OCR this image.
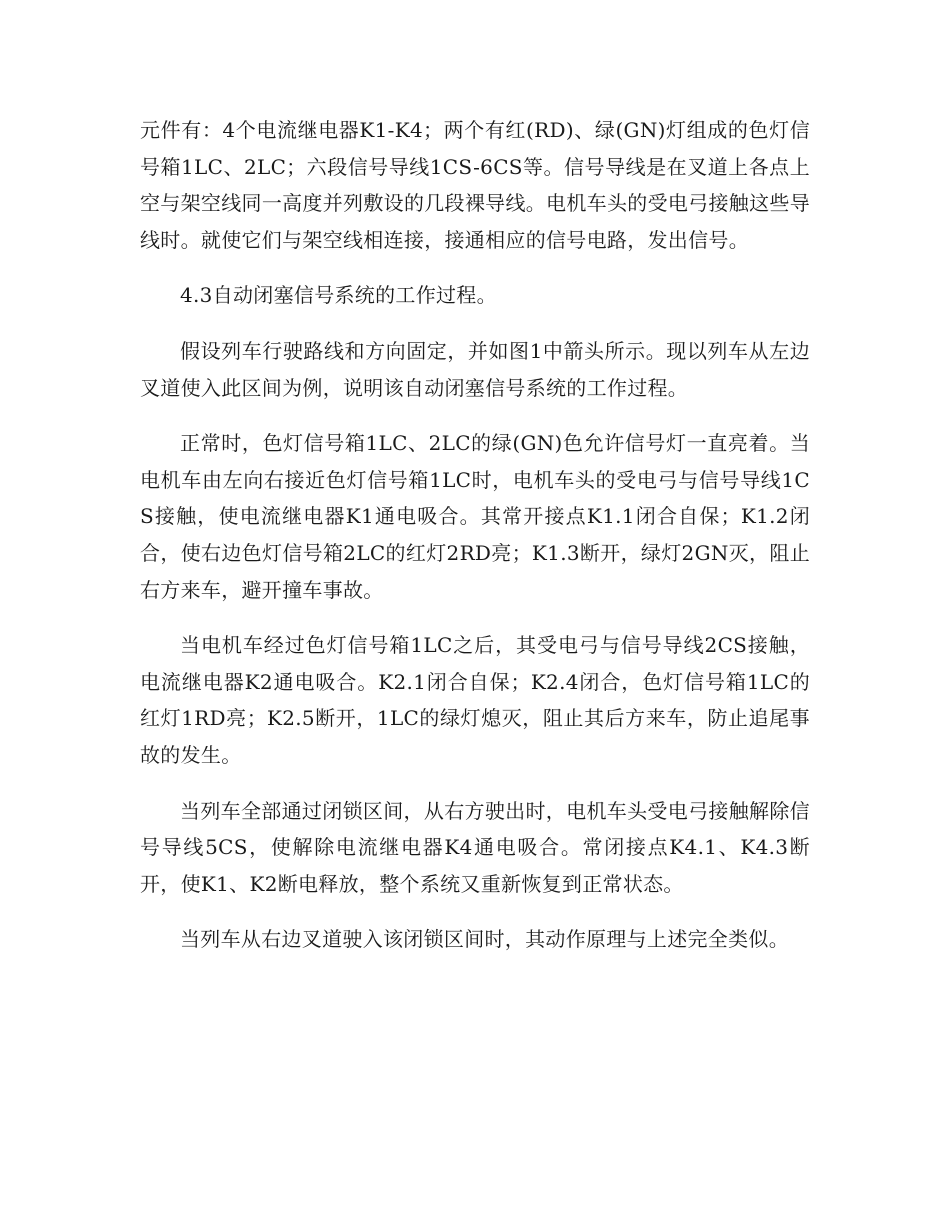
元件有：4个电流继电器K1-K4；两个有红(RD)、绿(GN)灯组成的色灯信号箱1LC、2LC；六段信号导线1CS-6CS等。信号导线是在叉道上各点上空与架空线同一高度并列敷设的几段裸导线。电机车头的受电弓接触这些导线时。就使它们与架空线相连接，接通相应的信号电路，发出信号。

4.3自动闭塞信号系统的工作过程。

假设列车行驶路线和方向固定，并如图1中箭头所示。现以列车从左边叉道使入此区间为例，说明该自动闭塞信号系统的工作过程。

正常时，色灯信号箱1LC、2LC的绿(GN)色允许信号灯一直亮着。当电机车由左向右接近色灯信号箱1LC时，电机车头的受电弓与信号导线1CS接触，使电流继电器K1通电吸合。其常开接点K1.1闭合自保；K1.2闭合，使右边色灯信号箱2LC的红灯2RD亮；K1.3断开，绿灯2GN灭，阻止右方来车，避开撞车事故。

当电机车经过色灯信号箱1LC之后，其受电弓与信号导线2CS接触，电流继电器K2通电吸合。K2.1闭合自保；K2.4闭合，色灯信号箱1LC的红灯1RD亮；K2.5断开，1LC的绿灯熄灭，阻止其后方来车，防止追尾事故的发生。

当列车全部通过闭锁区间，从右方驶出时，电机车头受电弓接触解除信号导线5CS，使解除电流继电器K4通电吸合。常闭接点K4.1、K4.3断开，使K1、K2断电释放，整个系统又重新恢复到正常状态。

当列车从右边叉道驶入该闭锁区间时，其动作原理与上述完全类似。
